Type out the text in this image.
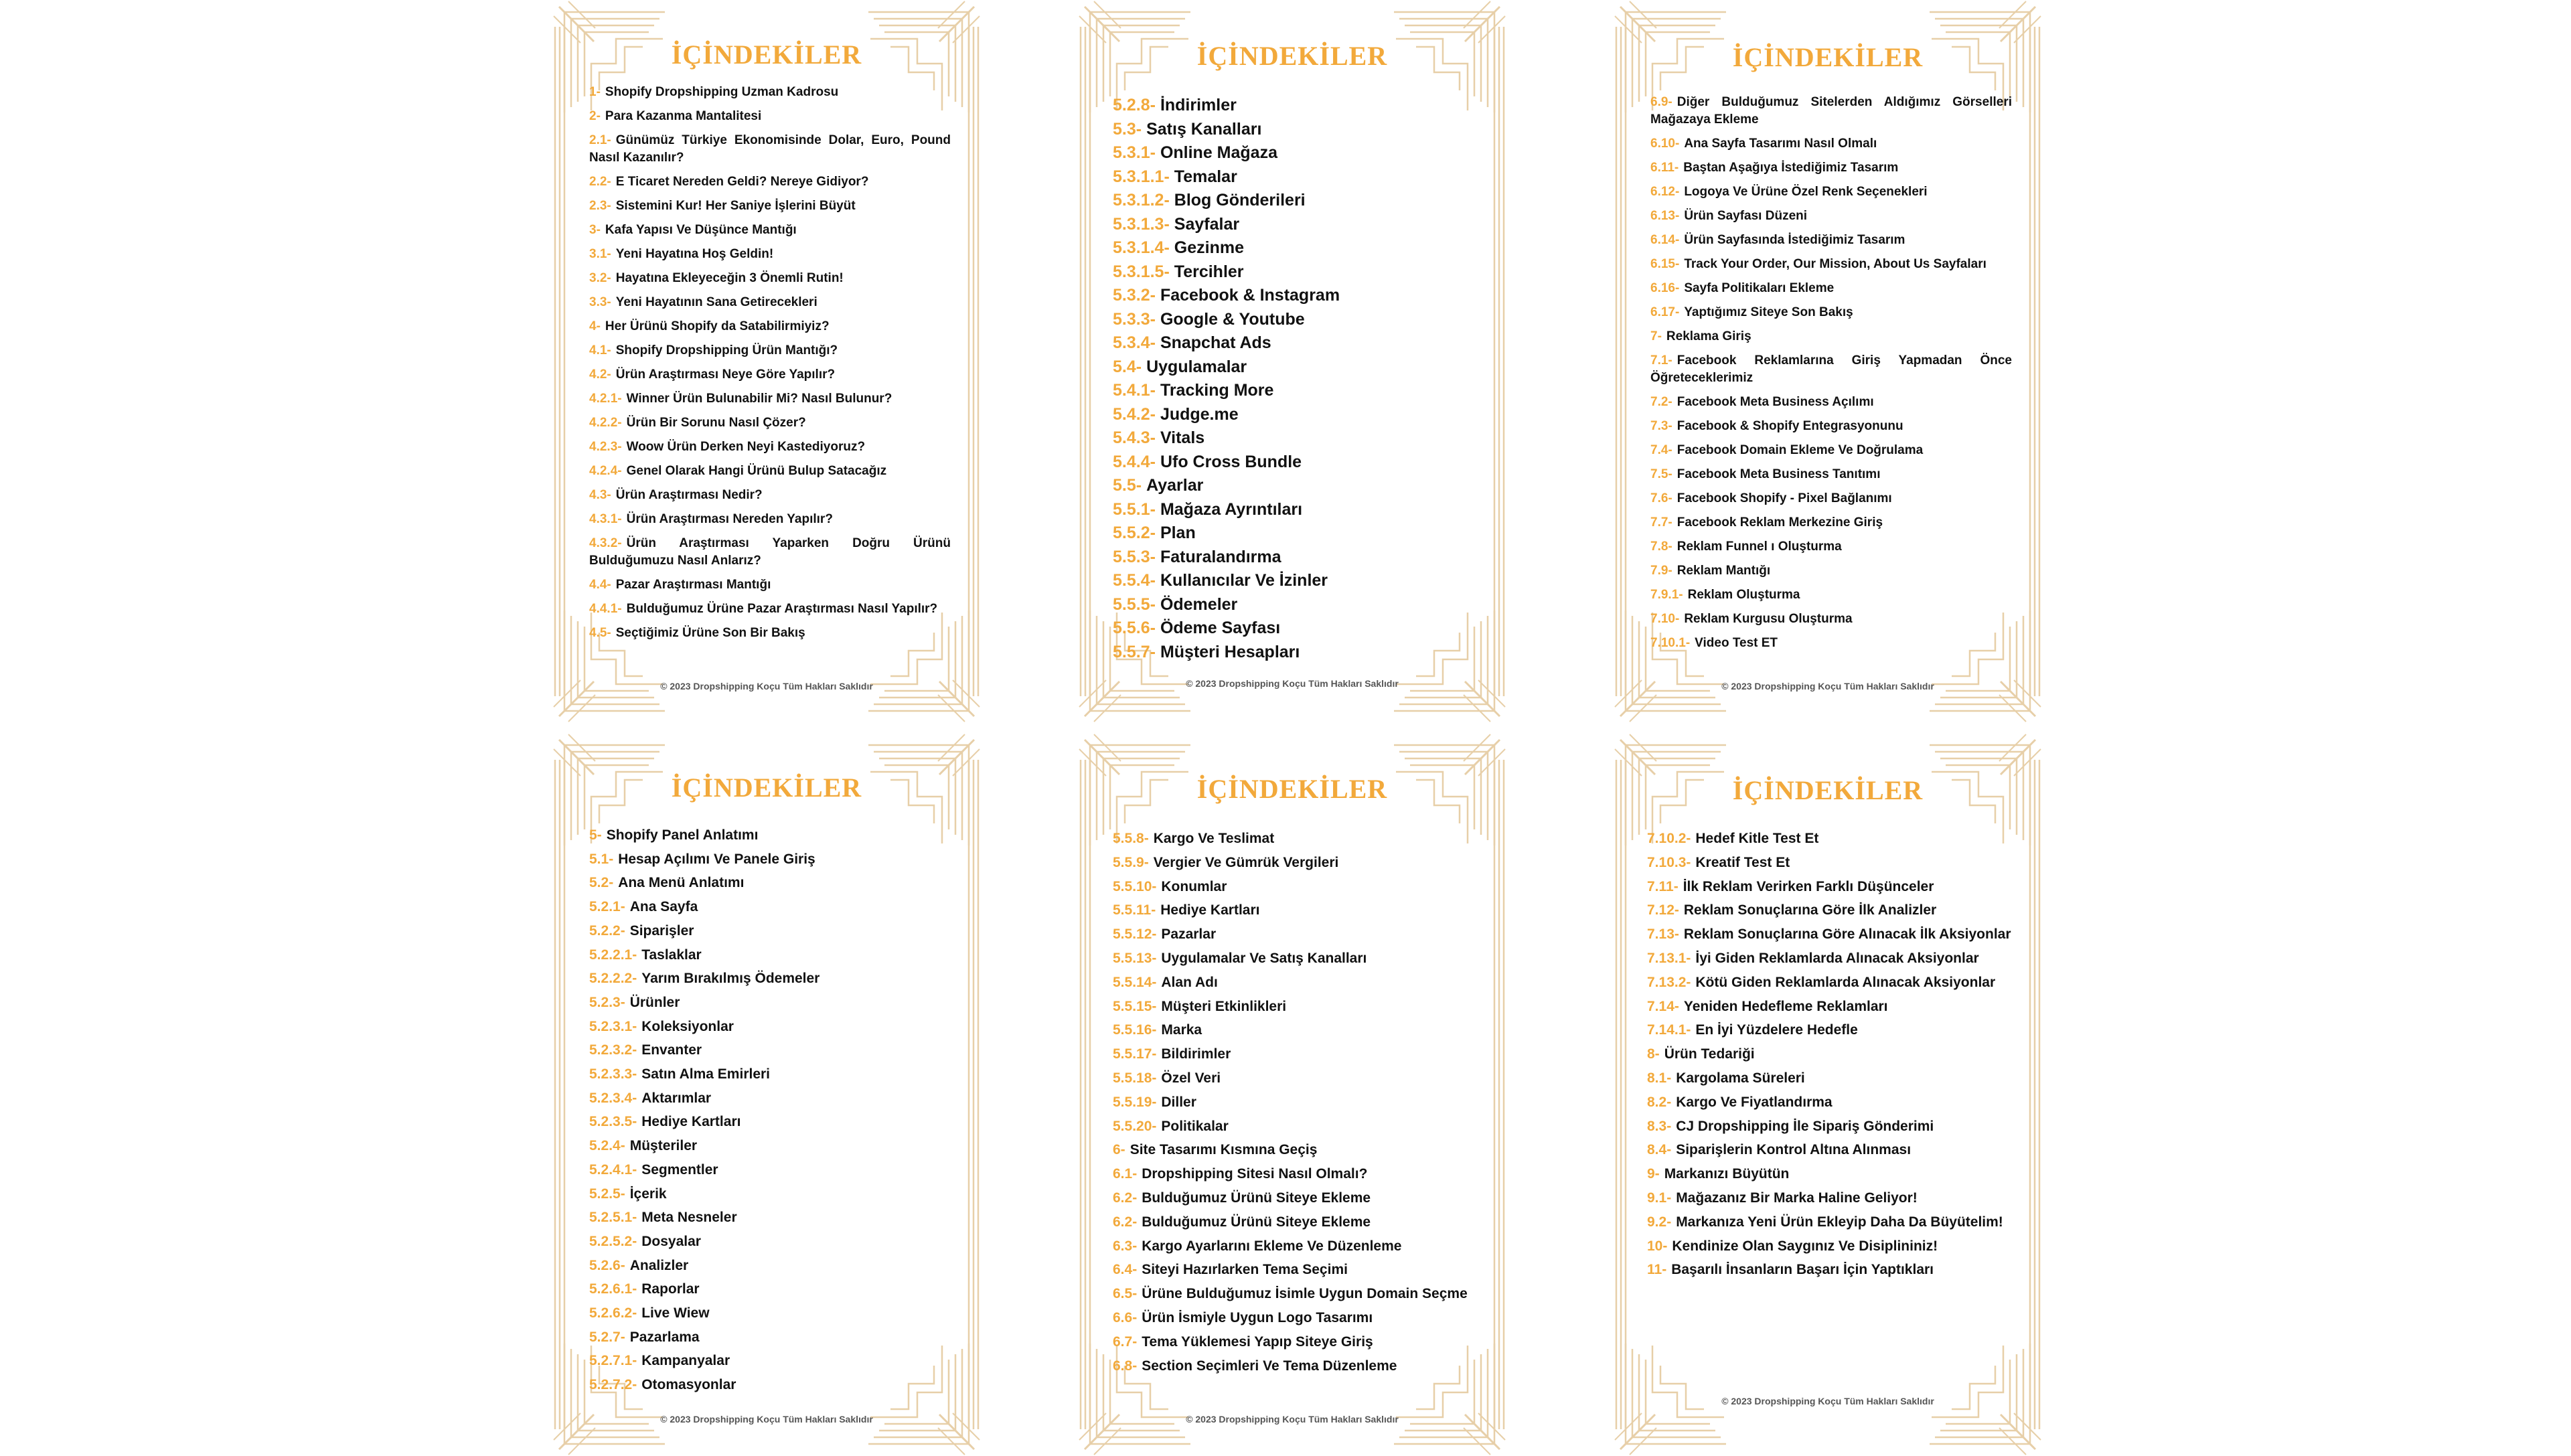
İÇİNDEKİLER
1- Shopify Dropshipping Uzman Kadrosu
2- Para Kazanma Mantalitesi
2.1- Günümüz Türkiye Ekonomisinde Dolar, Euro, Pound Nasıl Kazanılır?
2.2- E Ticaret Nereden Geldi? Nereye Gidiyor?
2.3- Sistemini Kur! Her Saniye İşlerini Büyüt
3- Kafa Yapısı Ve Düşünce Mantığı
3.1- Yeni Hayatına Hoş Geldin!
3.2- Hayatına Ekleyeceğin 3 Önemli Rutin!
3.3- Yeni Hayatının Sana Getirecekleri
4- Her Ürünü Shopify da Satabilirmiyiz?
4.1- Shopify Dropshipping Ürün Mantığı?
4.2- Ürün Araştırması Neye Göre Yapılır?
4.2.1- Winner Ürün Bulunabilir Mi? Nasıl Bulunur?
4.2.2- Ürün Bir Sorunu Nasıl Çözer?
4.2.3- Woow Ürün Derken Neyi Kastediyoruz?
4.2.4- Genel Olarak Hangi Ürünü Bulup Satacağız
4.3- Ürün Araştırması Nedir?
4.3.1- Ürün Araştırması Nereden Yapılır?
4.3.2- Ürün Araştırması Yaparken Doğru Ürünü Bulduğumuzu Nasıl Anlarız?
4.4- Pazar Araştırması Mantığı
4.4.1- Bulduğumuz Ürüne Pazar Araştırması Nasıl Yapılır?
4.5- Seçtiğimiz Ürüne Son Bir Bakış
© 2023 Dropshipping Koçu Tüm Hakları Saklıdır
İÇİNDEKİLER
5.2.8- İndirimler
5.3- Satış Kanalları
5.3.1- Online Mağaza
5.3.1.1- Temalar
5.3.1.2- Blog Gönderileri
5.3.1.3- Sayfalar
5.3.1.4- Gezinme
5.3.1.5- Tercihler
5.3.2- Facebook & Instagram
5.3.3- Google & Youtube
5.3.4- Snapchat Ads
5.4- Uygulamalar
5.4.1- Tracking More
5.4.2- Judge.me
5.4.3- Vitals
5.4.4- Ufo Cross Bundle
5.5- Ayarlar
5.5.1- Mağaza Ayrıntıları
5.5.2- Plan
5.5.3- Faturalandırma
5.5.4- Kullanıcılar Ve İzinler
5.5.5- Ödemeler
5.5.6- Ödeme Sayfası
5.5.7- Müşteri Hesapları
© 2023 Dropshipping Koçu Tüm Hakları Saklıdır
İÇİNDEKİLER
6.9- Diğer Bulduğumuz Sitelerden Aldığımız Görselleri Mağazaya Ekleme
6.10- Ana Sayfa Tasarımı Nasıl Olmalı
6.11- Baştan Aşağıya İstediğimiz Tasarım
6.12- Logoya Ve Ürüne Özel Renk Seçenekleri
6.13- Ürün Sayfası Düzeni
6.14- Ürün Sayfasında İstediğimiz Tasarım
6.15- Track Your Order, Our Mission, About Us Sayfaları
6.16- Sayfa Politikaları Ekleme
6.17- Yaptığımız Siteye Son Bakış
7- Reklama Giriş
7.1- Facebook Reklamlarına Giriş Yapmadan Önce Öğreteceklerimiz
7.2- Facebook Meta Business Açılımı
7.3- Facebook & Shopify Entegrasyonunu
7.4- Facebook Domain Ekleme Ve Doğrulama
7.5- Facebook Meta Business Tanıtımı
7.6- Facebook Shopify - Pixel Bağlanımı
7.7- Facebook Reklam Merkezine Giriş
7.8- Reklam Funnel ı Oluşturma
7.9- Reklam Mantığı
7.9.1- Reklam Oluşturma
7.10- Reklam Kurgusu Oluşturma
7.10.1- Video Test ET
© 2023 Dropshipping Koçu Tüm Hakları Saklıdır
İÇİNDEKİLER
5- Shopify Panel Anlatımı
5.1- Hesap Açılımı Ve Panele Giriş
5.2- Ana Menü Anlatımı
5.2.1- Ana Sayfa
5.2.2- Siparişler
5.2.2.1- Taslaklar
5.2.2.2- Yarım Bırakılmış Ödemeler
5.2.3- Ürünler
5.2.3.1- Koleksiyonlar
5.2.3.2- Envanter
5.2.3.3- Satın Alma Emirleri
5.2.3.4- Aktarımlar
5.2.3.5- Hediye Kartları
5.2.4- Müşteriler
5.2.4.1- Segmentler
5.2.5- İçerik
5.2.5.1- Meta Nesneler
5.2.5.2- Dosyalar
5.2.6- Analizler
5.2.6.1- Raporlar
5.2.6.2- Live Wiew
5.2.7- Pazarlama
5.2.7.1- Kampanyalar
5.2.7.2- Otomasyonlar
© 2023 Dropshipping Koçu Tüm Hakları Saklıdır
İÇİNDEKİLER
5.5.8- Kargo Ve Teslimat
5.5.9- Vergier Ve Gümrük Vergileri
5.5.10- Konumlar
5.5.11- Hediye Kartları
5.5.12- Pazarlar
5.5.13- Uygulamalar Ve Satış Kanalları
5.5.14- Alan Adı
5.5.15- Müşteri Etkinlikleri
5.5.16- Marka
5.5.17- Bildirimler
5.5.18- Özel Veri
5.5.19- Diller
5.5.20- Politikalar
6- Site Tasarımı Kısmına Geçiş
6.1- Dropshipping Sitesi Nasıl Olmalı?
6.2- Bulduğumuz Ürünü Siteye Ekleme
6.2- Bulduğumuz Ürünü Siteye Ekleme
6.3- Kargo Ayarlarını Ekleme Ve Düzenleme
6.4- Siteyi Hazırlarken Tema Seçimi
6.5- Ürüne Bulduğumuz İsimle Uygun Domain Seçme
6.6- Ürün İsmiyle Uygun Logo Tasarımı
6.7- Tema Yüklemesi Yapıp Siteye Giriş
6.8- Section Seçimleri Ve Tema Düzenleme
© 2023 Dropshipping Koçu Tüm Hakları Saklıdır
İÇİNDEKİLER
7.10.2- Hedef Kitle Test Et
7.10.3- Kreatif Test Et
7.11- İlk Reklam Verirken Farklı Düşünceler
7.12- Reklam Sonuçlarına Göre İlk Analizler
7.13- Reklam Sonuçlarına Göre Alınacak İlk Aksiyonlar
7.13.1- İyi Giden Reklamlarda Alınacak Aksiyonlar
7.13.2- Kötü Giden Reklamlarda Alınacak Aksiyonlar
7.14- Yeniden Hedefleme Reklamları
7.14.1- En İyi Yüzdelere Hedefle
8- Ürün Tedariği
8.1- Kargolama Süreleri
8.2- Kargo Ve Fiyatlandırma
8.3- CJ Dropshipping İle Sipariş Gönderimi
8.4- Siparişlerin Kontrol Altına Alınması
9- Markanızı Büyütün
9.1- Mağazanız Bir Marka Haline Geliyor!
9.2- Markanıza Yeni Ürün Ekleyip Daha Da Büyütelim!
10- Kendinize Olan Saygınız Ve Disiplininiz!
11- Başarılı İnsanların Başarı İçin Yaptıkları
© 2023 Dropshipping Koçu Tüm Hakları Saklıdır
